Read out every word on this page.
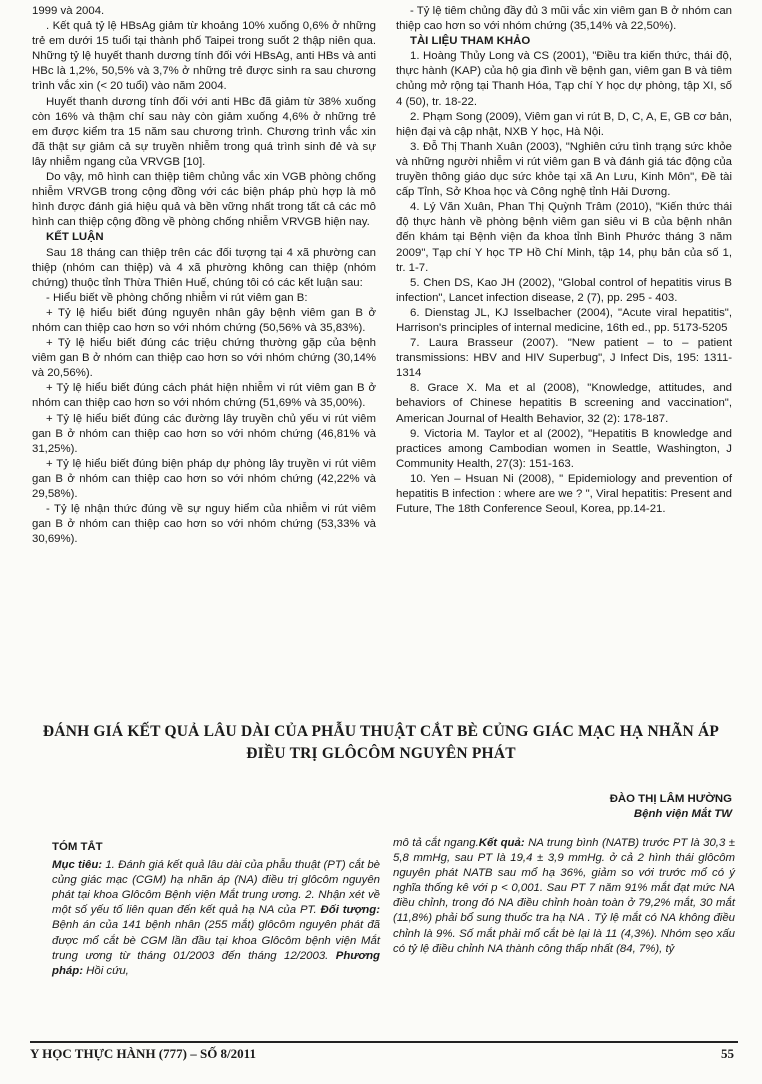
1999 và 2004.

. Kết quả tỷ lệ HBsAg giảm từ khoảng 10% xuống 0,6% ở những trẻ em dưới 15 tuổi tại thành phố Taipei trong suốt 2 thập niên qua. Những tỷ lệ huyết thanh dương tính đối với HBsAg, anti HBs và anti HBc là 1,2%, 50,5% và 3,7% ở những trẻ được sinh ra sau chương trình vắc xin (< 20 tuổi) vào năm 2004.

Huyết thanh dương tính đối với anti HBc đã giảm từ 38% xuống còn 16% và thậm chí sau này còn giảm xuống 4,6% ở những trẻ em được kiểm tra 15 năm sau chương trình. Chương trình vắc xin đã thật sự giảm cả sự truyền nhiễm trong quá trình sinh đẻ và sự lây nhiễm ngang của VRVGB [10].

Do vậy, mô hình can thiệp tiêm chủng vắc xin VGB phòng chống nhiễm VRVGB trong cộng đồng với các biện pháp phù hợp là mô hình được đánh giá hiệu quả và bền vững nhất trong tất cả các mô hình can thiệp cộng đồng về phòng chống nhiễm VRVGB hiện nay.

KẾT LUẬN

Sau 18 tháng can thiệp trên các đối tượng tại 4 xã phường can thiệp (nhóm can thiệp) và 4 xã phường không can thiệp (nhóm chứng) thuộc tỉnh Thừa Thiên Huế, chúng tôi có các kết luận sau:

- Hiểu biết về phòng chống nhiễm vi rút viêm gan B:

+ Tỷ lệ hiểu biết đúng nguyên nhân gây bệnh viêm gan B ở nhóm can thiệp cao hơn so với nhóm chứng (50,56% và 35,83%).

+ Tỷ lệ hiểu biết đúng các triệu chứng thường gặp của bệnh viêm gan B ở nhóm can thiệp cao hơn so với nhóm chứng (30,14% và 20,56%).

+ Tỷ lệ hiểu biết đúng cách phát hiện nhiễm vi rút viêm gan B ở nhóm can thiệp cao hơn so với nhóm chứng (51,69% và 35,00%).

+ Tỷ lệ hiểu biết đúng các đường lây truyền chủ yếu vi rút viêm gan B ở nhóm can thiệp cao hơn so với nhóm chứng (46,81% và 31,25%).

+ Tỷ lệ hiểu biết đúng biện pháp dự phòng lây truyền vi rút viêm gan B ở nhóm can thiệp cao hơn so với nhóm chứng (42,22% và 29,58%).

- Tỷ lệ nhận thức đúng về sự nguy hiểm của nhiễm vi rút viêm gan B ở nhóm can thiệp cao hơn so với nhóm chứng (53,33% và 30,69%).

- Tỷ lệ tiêm chủng đầy đủ 3 mũi vắc xin viêm gan B ở nhóm can thiệp cao hơn so với nhóm chứng (35,14% và 22,50%).

TÀI LIỆU THAM KHẢO

1. Hoàng Thủy Long và CS (2001), "Điều tra kiến thức, thái độ, thực hành (KAP) của hộ gia đình về bệnh gan, viêm gan B và tiêm chủng mở rộng tại Thanh Hóa, Tạp chí Y học dự phòng, tập XI, số 4 (50), tr. 18-22.

2. Phạm Song (2009), Viêm gan vi rút B, D, C, A, E, GB cơ bản, hiện đại và cập nhật, NXB Y học, Hà Nội.

3. Đỗ Thị Thanh Xuân (2003), "Nghiên cứu tình trạng sức khỏe và những người nhiễm vi rút viêm gan B và đánh giá tác động của truyền thông giáo dục sức khỏe tại xã An Lưu, Kinh Môn", Đề tài cấp Tỉnh, Sở Khoa học và Công nghệ tỉnh Hải Dương.

4. Lý Văn Xuân, Phan Thị Quỳnh Trâm (2010), "Kiến thức thái độ thực hành về phòng bệnh viêm gan siêu vi B của bệnh nhân đến khám tại Bệnh viện đa khoa tỉnh Bình Phước tháng 3 năm 2009", Tạp chí Y học TP Hồ Chí Minh, tập 14, phụ bản của số 1, tr. 1-7.

5. Chen DS, Kao JH (2002), "Global control of hepatitis virus B infection", Lancet infection disease, 2 (7), pp. 295 - 403.

6. Dienstag JL, KJ Isselbacher (2004), "Acute viral hepatitis", Harrison's principles of internal medicine, 16th ed., pp. 5173-5205

7. Laura Brasseur (2007). "New patient – to – patient transmissions: HBV and HIV Superbug", J Infect Dis, 195: 1311-1314

8. Grace X. Ma et al (2008), "Knowledge, attitudes, and behaviors of Chinese hepatitis B screening and vaccination", American Journal of Health Behavior, 32 (2): 178-187.

9. Victoria M. Taylor et al (2002), "Hepatitis B knowledge and practices among Cambodian women in Seattle, Washington, J Community Health, 27(3): 151-163.

10. Yen – Hsuan Ni (2008), " Epidemiology and prevention of hepatitis B infection : where are we ? ", Viral hepatitis: Present and Future, The 18th Conference Seoul, Korea, pp.14-21.

ĐÁNH GIÁ KẾT QUẢ LÂU DÀI CỦA PHẪU THUẬT CẮT BÈ CỦNG GIÁC MẠC HẠ NHÃN ÁP
ĐIỀU TRỊ GLÔCÔM NGUYÊN PHÁT
ĐÀO THỊ LÂM HƯỜNG
Bệnh viện Mắt TW

TÓM TẮT

Mục tiêu: 1. Đánh giá kết quả lâu dài của phẫu thuật (PT) cắt bè củng giác mạc (CGM) hạ nhãn áp (NA) điều trị glôcôm nguyên phát tại khoa Glôcôm Bệnh viện Mắt trung ương. 2. Nhận xét về một số yếu tố liên quan đến kết quả hạ NA của PT. Đối tượng: Bệnh án của 141 bệnh nhân (255 mắt) glôcôm nguyên phát đã được mổ cắt bè CGM lần đầu tại khoa Glôcôm bệnh viện Mắt trung ương từ tháng 01/2003 đến tháng 12/2003. Phương pháp: Hồi cứu,

mô tả cắt ngang.Kết quả: NA trung bình (NATB) trước PT là 30,3 ± 5,8 mmHg, sau PT là 19,4 ± 3,9 mmHg. ở cả 2 hình thái glôcôm nguyên phát NATB sau mổ hạ 36%, giảm so với trước mổ có ý nghĩa thống kê với p < 0,001. Sau PT 7 năm 91% mắt đạt mức NA điều chỉnh, trong đó NA điều chỉnh hoàn toàn ở 79,2% mắt, 30 mắt (11,8%) phải bổ sung thuốc tra hạ NA . Tỷ lệ mắt có NA không điều chỉnh là 9%. Số mắt phải mổ cắt bè lại là 11 (4,3%). Nhóm sẹo xấu có tỷ lệ điều chỉnh NA thành công thấp nhất (84, 7%), tỷ

Y HỌC THỰC HÀNH (777) – SỐ 8/2011	55
